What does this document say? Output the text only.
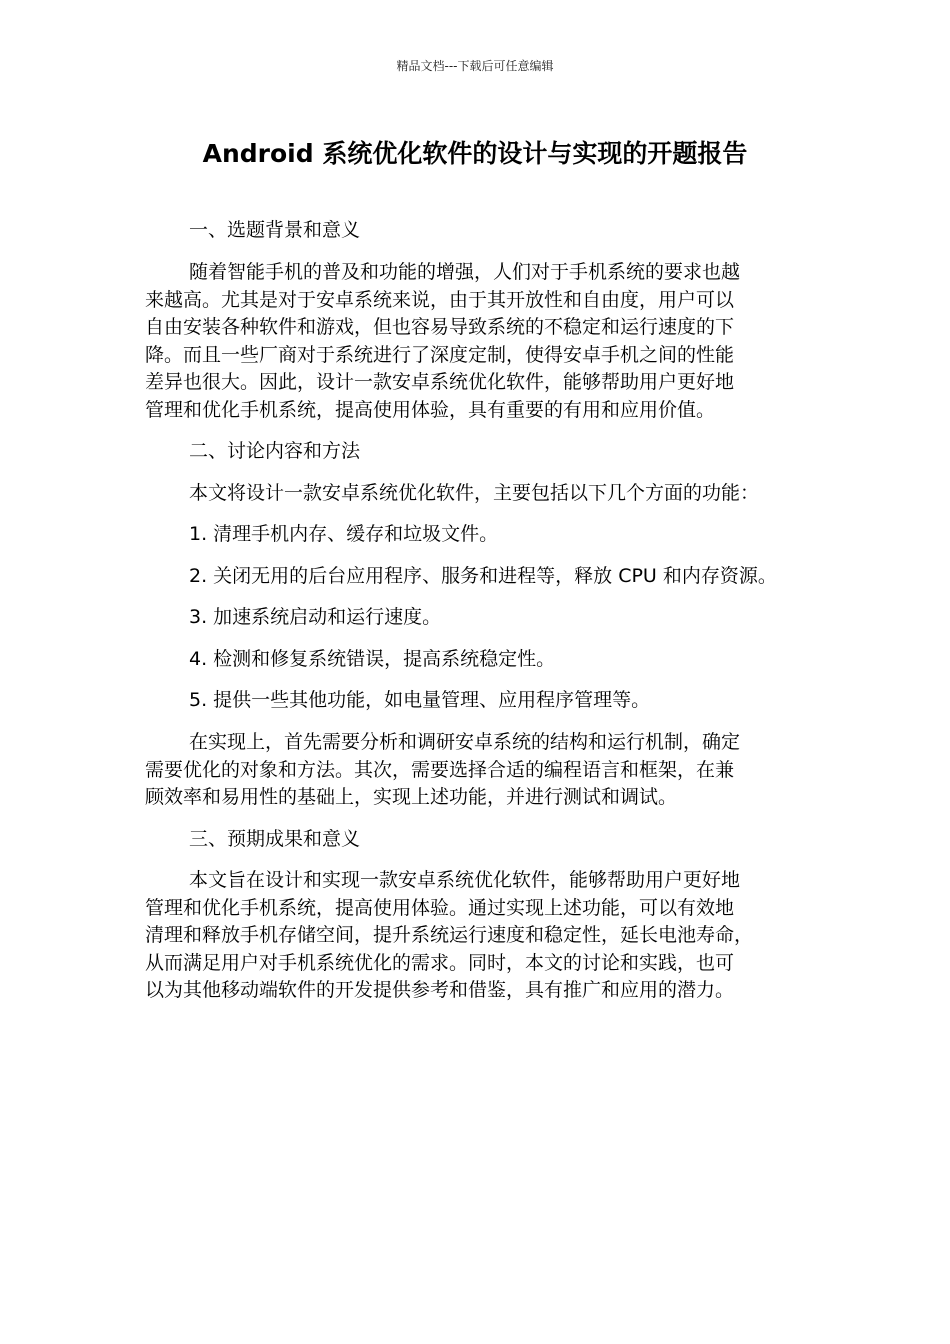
精品文档---下载后可任意编辑
Android 系统优化软件的设计与实现的开题报告
一、选题背景和意义
随着智能手机的普及和功能的增强，人们对于手机系统的要求也越
来越高。尤其是对于安卓系统来说，由于其开放性和自由度，用户可以
自由安装各种软件和游戏，但也容易导致系统的不稳定和运行速度的下
降。而且一些厂商对于系统进行了深度定制，使得安卓手机之间的性能
差异也很大。因此，设计一款安卓系统优化软件，能够帮助用户更好地
管理和优化手机系统，提高使用体验，具有重要的有用和应用价值。
二、讨论内容和方法
本文将设计一款安卓系统优化软件，主要包括以下几个方面的功能：
1. 清理手机内存、缓存和垃圾文件。
2. 关闭无用的后台应用程序、服务和进程等，释放 CPU 和内存资源。
3. 加速系统启动和运行速度。
4. 检测和修复系统错误，提高系统稳定性。
5. 提供一些其他功能，如电量管理、应用程序管理等。
在实现上，首先需要分析和调研安卓系统的结构和运行机制，确定
需要优化的对象和方法。其次，需要选择合适的编程语言和框架，在兼
顾效率和易用性的基础上，实现上述功能，并进行测试和调试。
三、预期成果和意义
本文旨在设计和实现一款安卓系统优化软件，能够帮助用户更好地
管理和优化手机系统，提高使用体验。通过实现上述功能，可以有效地
清理和释放手机存储空间，提升系统运行速度和稳定性，延长电池寿命，
从而满足用户对手机系统优化的需求。同时，本文的讨论和实践，也可
以为其他移动端软件的开发提供参考和借鉴，具有推广和应用的潜力。
